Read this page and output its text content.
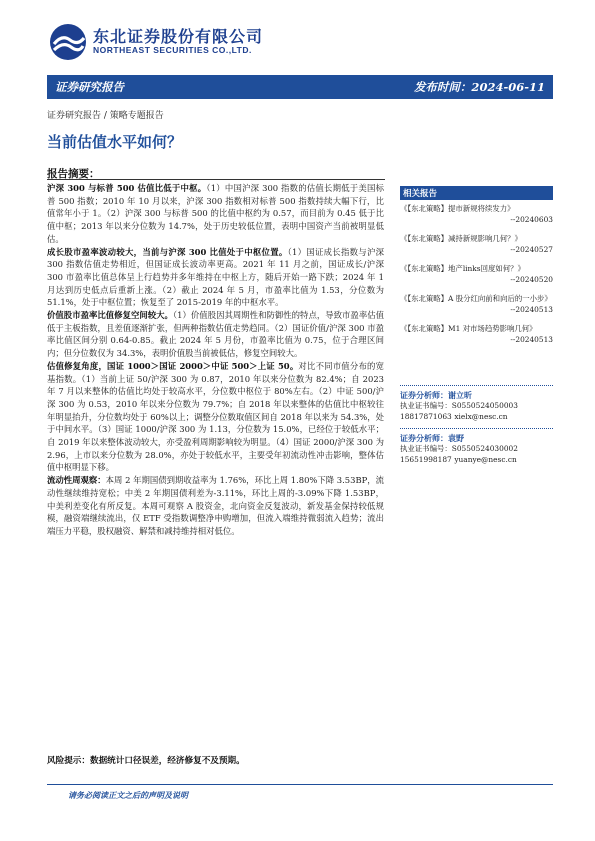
东北证券股份有限公司
NORTHEAST SECURITIES CO.,LTD.
证券研究报告	发布时间：2024-06-11
证券研究报告 / 策略专题报告
当前估值水平如何？
报告摘要：

沪深 300 与标普 500 估值比低于中枢。（1）中国沪深 300 指数的估值长期低于美国标普 500 指数；2010 年 10 月以来，沪深 300 指数相对标普 500 指数持续大幅下行，比值常年小于 1。（2）沪深 300 与标普 500 的比值中枢约为 0.57，而目前为 0.45 低于比值中枢；2013 年以来分位数为 14.7%，处于历史较低位置，表明中国资产当前被明显低估。

成长股市盈率波动较大，当前与沪深 300 比值处于中枢位置。（1）国证成长指数与沪深 300 指数估值走势相近，但国证成长波动率更高。2021 年 11 月之前，国证成长/沪深 300 市盈率比值总体呈上行趋势并多年维持在中枢上方，随后开始一路下跌；2024 年 1 月达到历史低点后重新上涨。（2）截止 2024 年 5 月，市盈率比值为 1.53，分位数为 51.1%，处于中枢位置；恢复至了 2015-2019 年的中枢水平。

价值股市盈率比值修复空间较大。（1）价值股因其周期性和防御性的特点，导致市盈率估值低于主板指数，且差值逐渐扩张，但两种指数估值走势趋同。（2）国证价值/沪深 300 市盈率比值区间分别 0.64-0.85。截止 2024 年 5 月份，市盈率比值为 0.75，位于合理区间内；但分位数仅为 34.3%，表明价值股当前被低估，修复空间较大。

估值修复角度，国证 1000＞国证 2000＞中证 500＞上证 50。对比不同市值分布的宽基指数。（1）当前上证 50/沪深 300 为 0.87，2010 年以来分位数为 82.4%；自 2023 年 7 月以来整体的估值比均处于较高水平，分位数中枢位于 80%左右。（2）中证 500/沪深 300 为 0.53，2010 年以来分位数为 79.7%；自 2018 年以来整体的估值比中枢较往年明显抬升，分位数均处于 60%以上；调整分位数取值区间自 2018 年以来为 54.3%，处于中间水平。（3）国证 1000/沪深 300 为 1.13，分位数为 15.0%，已经位于较低水平；自 2019 年以来整体波动较大，亦受盈利周期影响较为明显。（4）国证 2000/沪深 300 为 2.96，上市以来分位数为 28.0%，亦处于较低水平，主要受年初流动性冲击影响，整体估值中枢明显下移。

流动性周观察：本周 2 年期国债到期收益率为 1.76%，环比上周 1.80%下降 3.53BP，流动性继续维持宽松；中美 2 年期国债利差为-3.11%，环比上周的-3.09%下降 1.53BP，中美利差变化有所反复。本周可观察 A 股资金，北向资金反复波动，新发基金保持较低规模，融资端继续流出，仅 ETF 受指数调整净申购增加，但流入端维持微弱流入趋势；流出端压力平稳，股权融资、解禁和减持维持相对低位。

相关报告
《【东北策略】提市新规将续发力》
--20240603
《【东北策略】减持新规影响几何？》
--20240527
《【东北策略】地产links回度如何？》
--20240520
《【东北策略】A 股分红向前和向后的一小步》
--20240513
《【东北策略】M1 对市场趋势影响几何》
--20240513
证券分析师：谢立昕
执业证书编号：S0550524050003
18817871063 xielx@nesc.cn
证券分析师：袁野
执业证书编号：S0550524030002
15651998187 yuanye@nesc.cn
风险提示：数据统计口径误差，经济修复不及预期。
请务必阅读正文之后的声明及说明
